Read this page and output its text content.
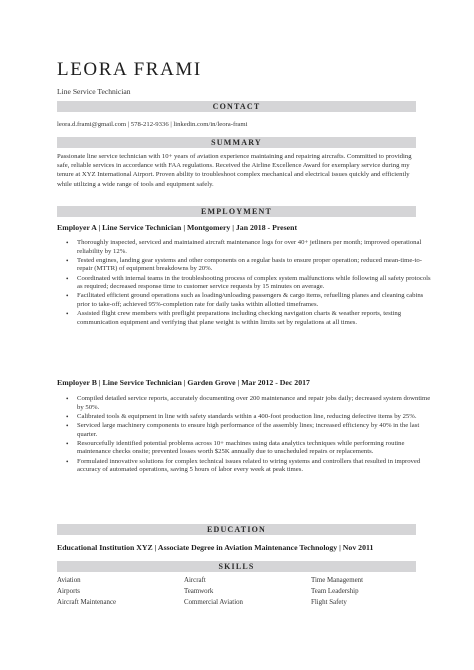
LEORA FRAMI
Line Service Technician
CONTACT
leora.d.frami@gmail.com | 578-212-9336 | linkedin.com/in/leora-frami
SUMMARY
Passionate line service technician with 10+ years of aviation experience maintaining and repairing aircrafts. Committed to providing safe, reliable services in accordance with FAA regulations. Received the Airline Excellence Award for exemplary service during my tenure at XYZ International Airport. Proven ability to troubleshoot complex mechanical and electrical issues quickly and efficiently while utilizing a wide range of tools and equipment safely.
EMPLOYMENT
Employer A | Line Service Technician | Montgomery | Jan 2018 - Present
• Thoroughly inspected, serviced and maintained aircraft maintenance logs for over 40+ jetliners per month; improved operational reliability by 12%.
• Tested engines, landing gear systems and other components on a regular basis to ensure proper operation; reduced mean-time-to-repair (MTTR) of equipment breakdowns by 20%.
• Coordinated with internal teams in the troubleshooting process of complex system malfunctions while following all safety protocols as required; decreased response time to customer service requests by 15 minutes on average.
• Facilitated efficient ground operations such as loading/unloading passengers & cargo items, refuelling planes and cleaning cabins prior to take-off; achieved 95%-completion rate for daily tasks within allotted timeframes.
• Assisted flight crew members with preflight preparations including checking navigation charts & weather reports, testing communication equipment and verifying that plane weight is within limits set by regulations at all times.
Employer B | Line Service Technician | Garden Grove | Mar 2012 - Dec 2017
• Compiled detailed service reports, accurately documenting over 200 maintenance and repair jobs daily; decreased system downtime by 50%.
• Calibrated tools & equipment in line with safety standards within a 400-foot production line, reducing defective items by 25%.
• Serviced large machinery components to ensure high performance of the assembly lines; increased efficiency by 40% in the last quarter.
• Resourcefully identified potential problems across 10+ machines using data analytics techniques while performing routine maintenance checks onsite; prevented losses worth $25K annually due to unscheduled repairs or replacements.
• Formulated innovative solutions for complex technical issues related to wiring systems and controllers that resulted in improved accuracy of automated operations, saving 5 hours of labor every week at peak times.
EDUCATION
Educational Institution XYZ | Associate Degree in Aviation Maintenance Technology | Nov 2011
SKILLS
Aviation	Aircraft	Time Management
Airports	Teamwork	Team Leadership
Aircraft Maintenance	Commercial Aviation	Flight Safety
